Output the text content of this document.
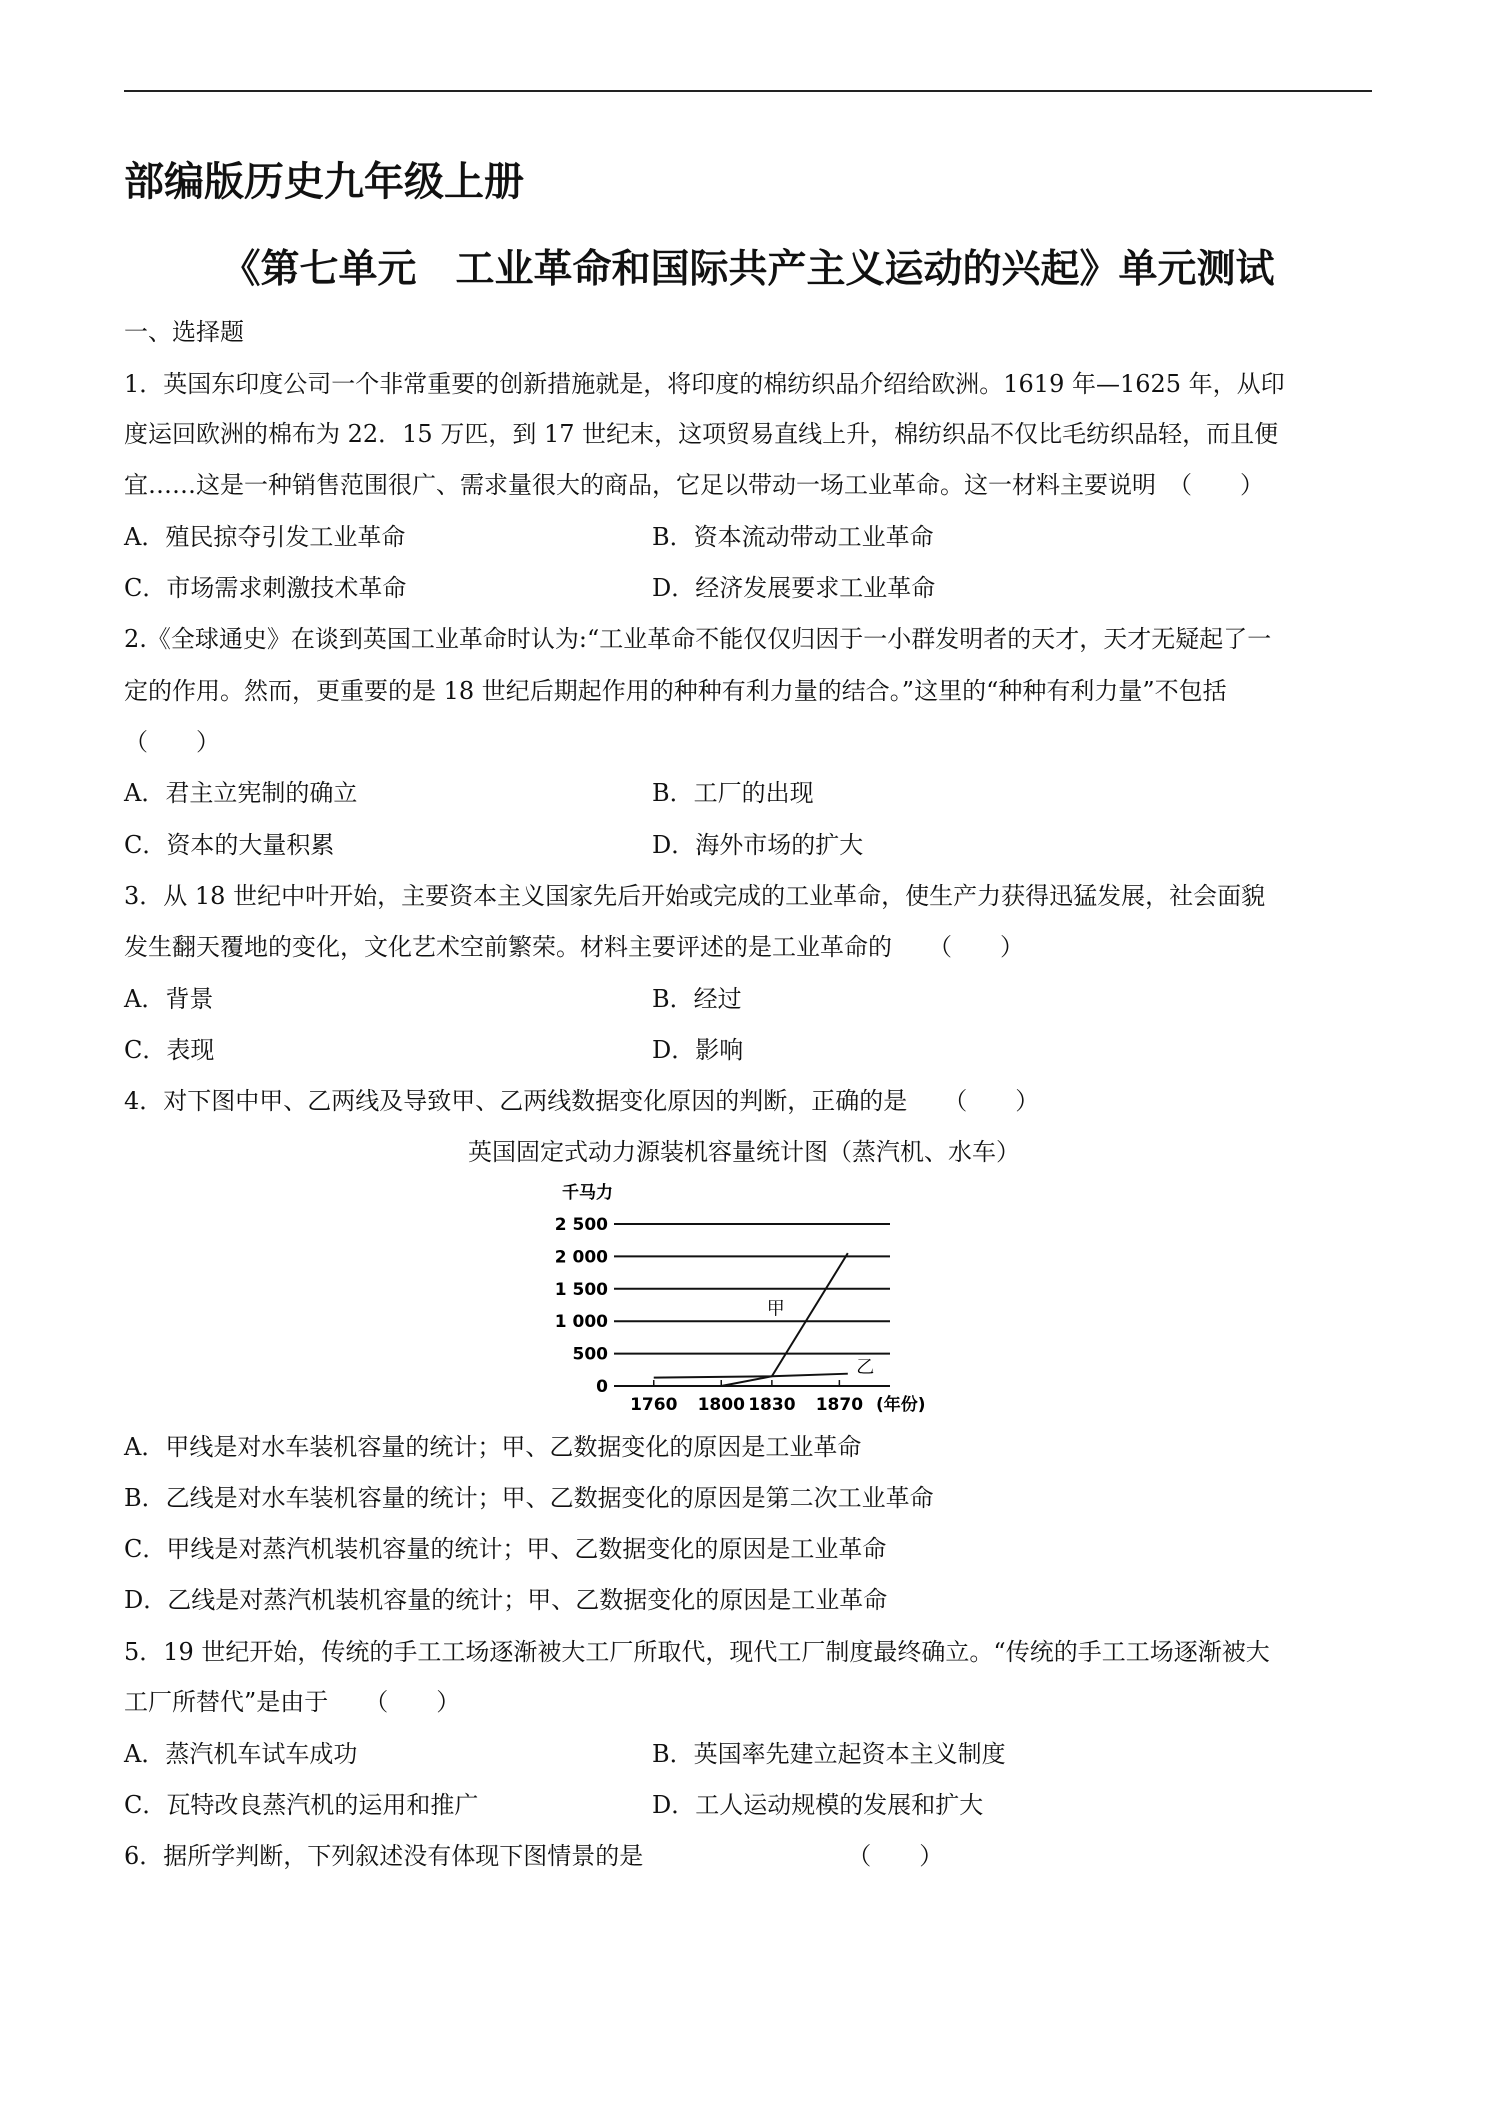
部编版历史九年级上册
《第七单元　工业革命和国际共产主义运动的兴起》单元测试
一、选择题
1．英国东印度公司一个非常重要的创新措施就是，将印度的棉纺织品介绍给欧洲。1619 年—1625 年，从印
度运回欧洲的棉布为 22．15 万匹，到 17 世纪末，这项贸易直线上升，棉纺织品不仅比毛纺织品轻，而且便
宜……这是一种销售范围很广、需求量很大的商品，它足以带动一场工业革命。这一材料主要说明　（　　）
A．殖民掠夺引发工业革命	B．资本流动带动工业革命
C．市场需求刺激技术革命	D．经济发展要求工业革命
2.《全球通史》在谈到英国工业革命时认为:“工业革命不能仅仅归因于一小群发明者的天才，天才无疑起了一
定的作用。然而，更重要的是 18 世纪后期起作用的种种有利力量的结合。”这里的“种种有利力量”不包括
（　　）
A．君主立宪制的确立	B．工厂的出现
C．资本的大量积累	D．海外市场的扩大
3．从 18 世纪中叶开始，主要资本主义国家先后开始或完成的工业革命，使生产力获得迅猛发展，社会面貌
发生翻天覆地的变化，文化艺术空前繁荣。材料主要评述的是工业革命的　　（　　）
A．背景	B．经过
C．表现	D．影响
4．对下图中甲、乙两线及导致甲、乙两线数据变化原因的判断，正确的是　　（　　）
英国固定式动力源装机容量统计图（蒸汽机、水车）
0
500
1 000
1 500
2 000
2 500
1760 1800 1830 1870
甲
乙
千马力
(年份)
A．甲线是对水车装机容量的统计；甲、乙数据变化的原因是工业革命
B．乙线是对水车装机容量的统计；甲、乙数据变化的原因是第二次工业革命
C．甲线是对蒸汽机装机容量的统计；甲、乙数据变化的原因是工业革命
D．乙线是对蒸汽机装机容量的统计；甲、乙数据变化的原因是工业革命
5．19 世纪开始，传统的手工工场逐渐被大工厂所取代，现代工厂制度最终确立。“传统的手工工场逐渐被大
工厂所替代”是由于　　（　　）
A．蒸汽机车试车成功	B．英国率先建立起资本主义制度
C．瓦特改良蒸汽机的运用和推广	D．工人运动规模的发展和扩大
6．据所学判断，下列叙述没有体现下图情景的是　　　　　　　　　（　　）
